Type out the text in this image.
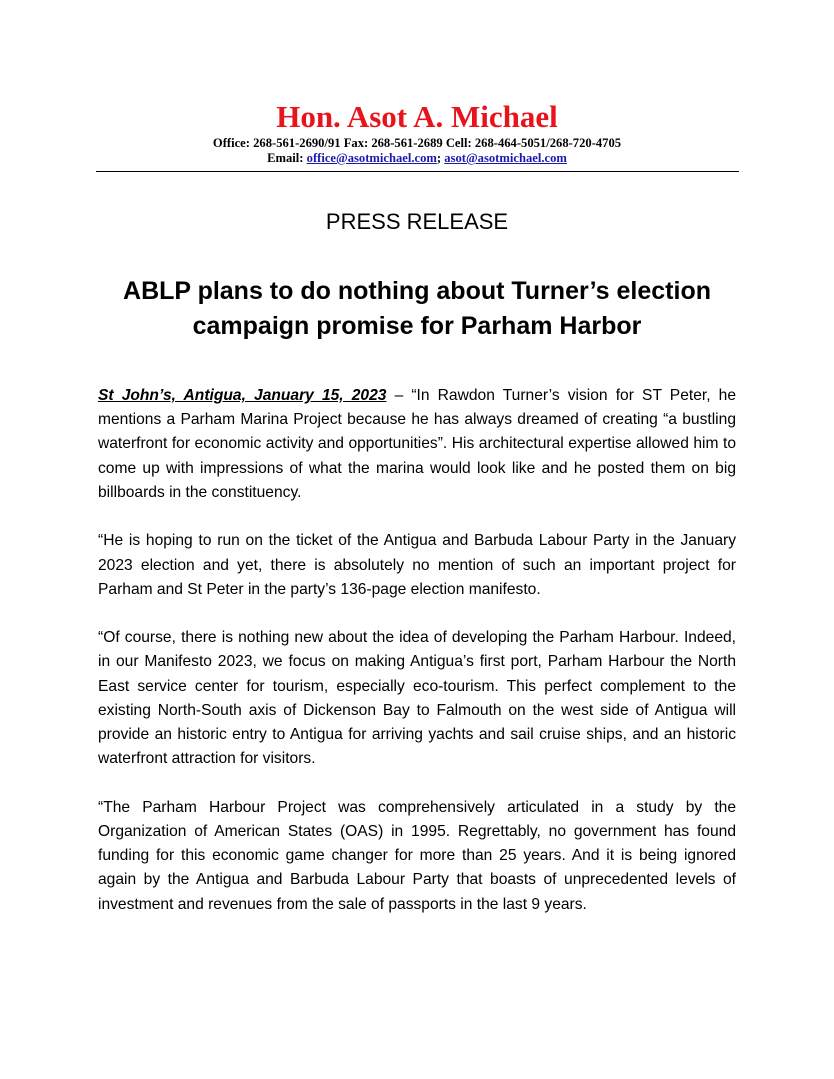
Hon. Asot A. Michael

Office: 268-561-2690/91 Fax: 268-561-2689 Cell: 268-464-5051/268-720-4705

Email: office@asotmichael.com; asot@asotmichael.com

PRESS RELEASE
ABLP plans to do nothing about Turner’s election campaign promise for Parham Harbor

St John’s, Antigua, January 15, 2023 – “In Rawdon Turner’s vision for ST Peter, he mentions a Parham Marina Project because he has always dreamed of creating “a bustling waterfront for economic activity and opportunities”. His architectural expertise allowed him to come up with impressions of what the marina would look like and he posted them on big billboards in the constituency.

“He is hoping to run on the ticket of the Antigua and Barbuda Labour Party in the January 2023 election and yet, there is absolutely no mention of such an important project for Parham and St Peter in the party’s 136-page election manifesto.

“Of course, there is nothing new about the idea of developing the Parham Harbour. Indeed, in our Manifesto 2023, we focus on making Antigua’s first port, Parham Harbour the North East service center for tourism, especially eco-tourism. This perfect complement to the existing North-South axis of Dickenson Bay to Falmouth on the west side of Antigua will provide an historic entry to Antigua for arriving yachts and sail cruise ships, and an historic waterfront attraction for visitors.

“The Parham Harbour Project was comprehensively articulated in a study by the Organization of American States (OAS) in 1995. Regrettably, no government has found funding for this economic game changer for more than 25 years. And it is being ignored again by the Antigua and Barbuda Labour Party that boasts of unprecedented levels of investment and revenues from the sale of passports in the last 9 years.
